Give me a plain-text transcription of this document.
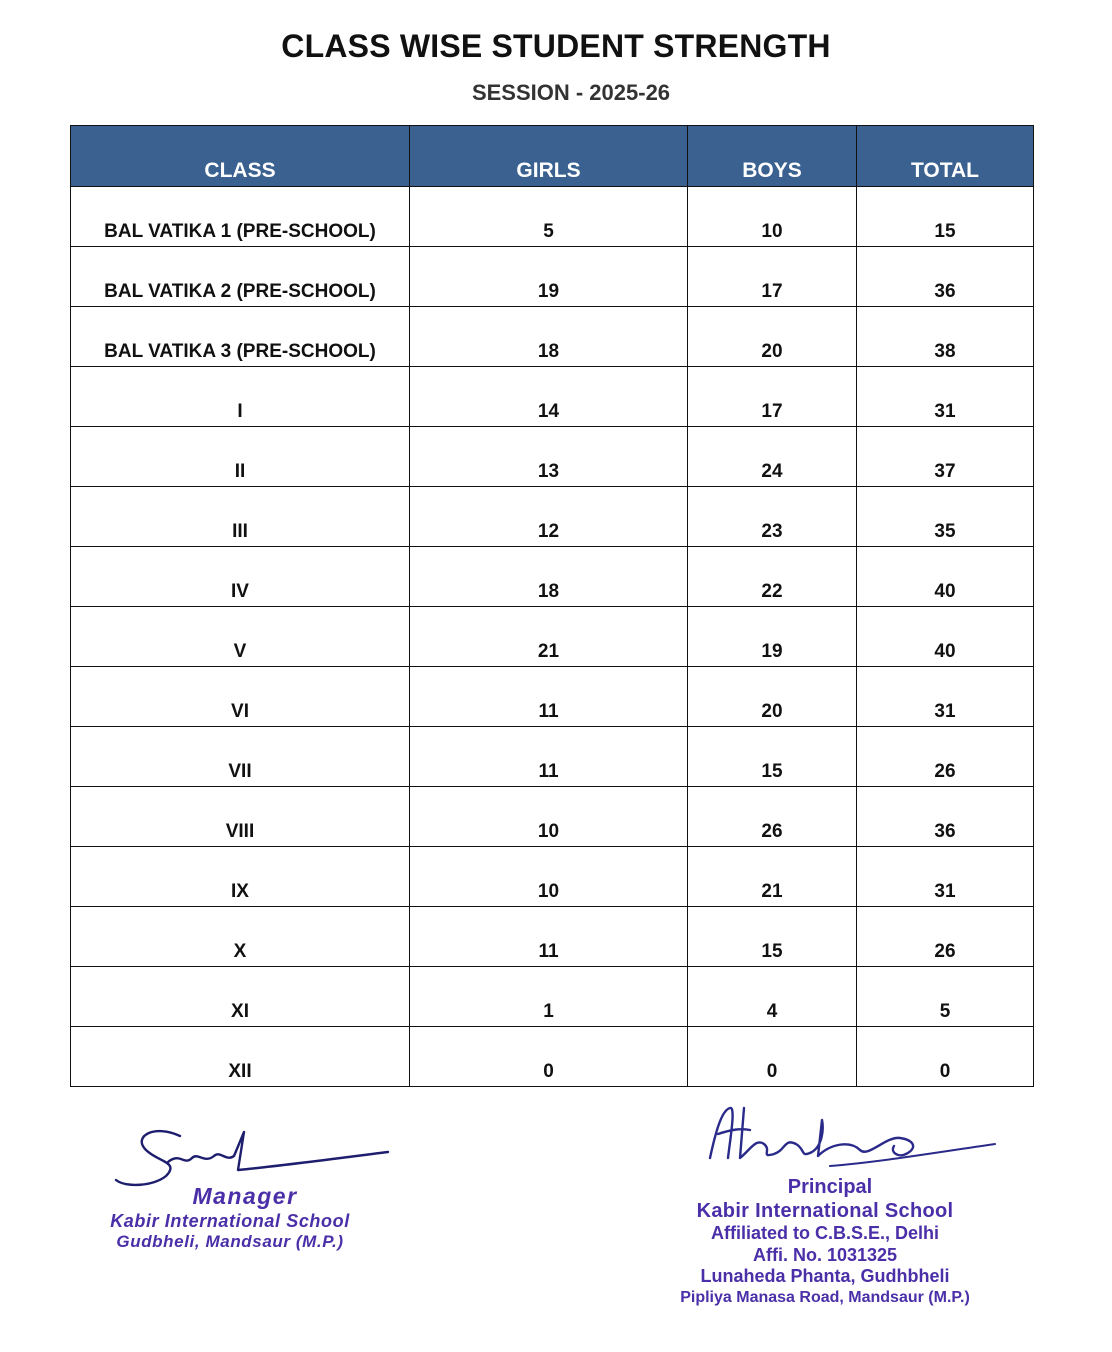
CLASS WISE STUDENT STRENGTH
SESSION - 2025-26
CLASS	GIRLS	BOYS	TOTAL
BAL VATIKA 1 (PRE-SCHOOL)	5	10	15
BAL VATIKA 2 (PRE-SCHOOL)	19	17	36
BAL VATIKA 3 (PRE-SCHOOL)	18	20	38
I	14	17	31
II	13	24	37
III	12	23	35
IV	18	22	40
V	21	19	40
VI	11	20	31
VII	11	15	26
VIII	10	26	36
IX	10	21	31
X	11	15	26
XI	1	4	5
XII	0	0	0
Manager
Kabir International School
Gudbheli, Mandsaur (M.P.)
Principal
Kabir International School
Affiliated to C.B.S.E., Delhi
Affi. No. 1031325
Lunaheda Phanta, Gudhbheli
Pipliya Manasa Road, Mandsaur (M.P.)
